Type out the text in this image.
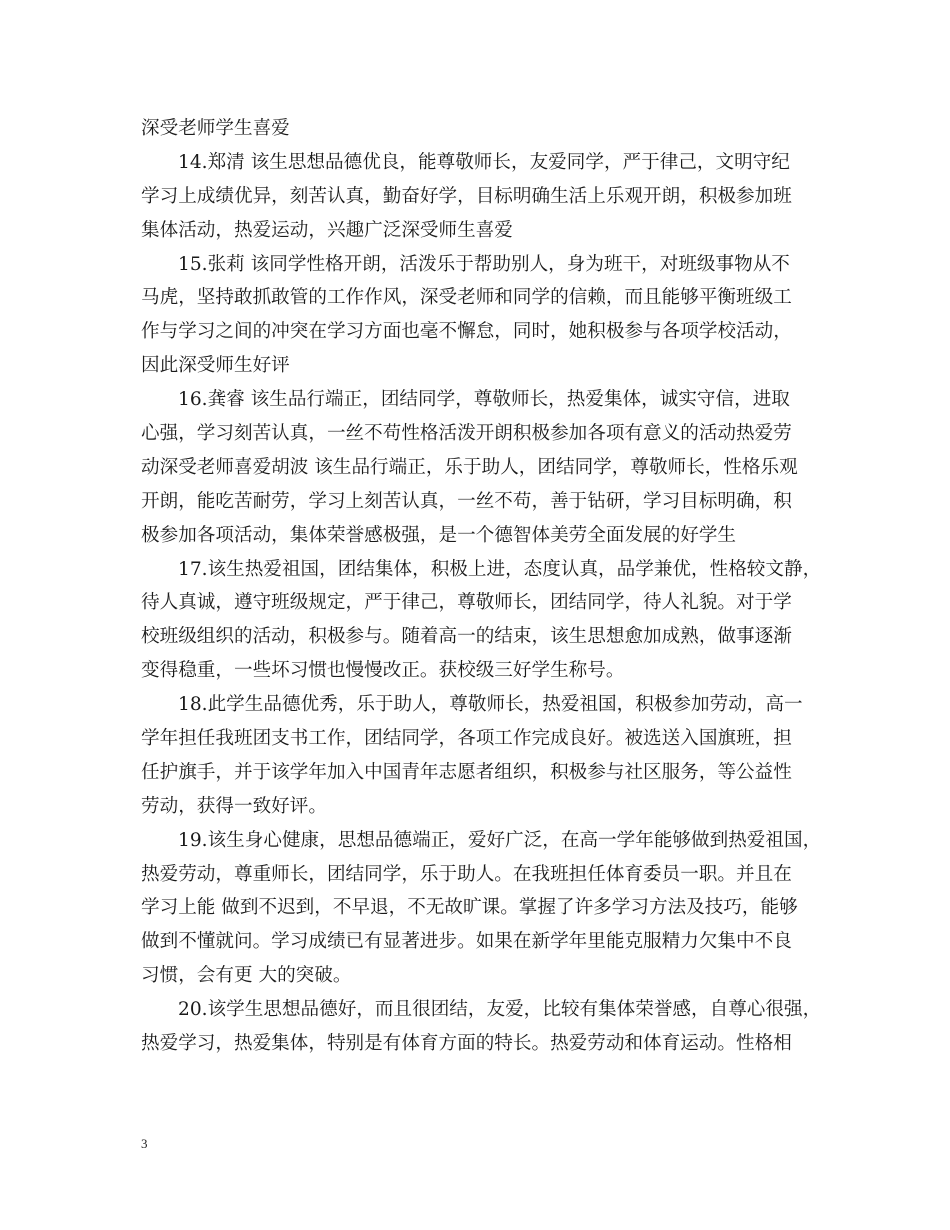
深受老师学生喜爱
14.郑清 该生思想品德优良，能尊敬师长，友爱同学，严于律己，文明守纪
学习上成绩优异，刻苦认真，勤奋好学，目标明确生活上乐观开朗，积极参加班
集体活动，热爱运动，兴趣广泛深受师生喜爱
15.张莉 该同学性格开朗，活泼乐于帮助别人，身为班干，对班级事物从不
马虎，坚持敢抓敢管的工作作风，深受老师和同学的信赖，而且能够平衡班级工
作与学习之间的冲突在学习方面也毫不懈怠，同时，她积极参与各项学校活动，
因此深受师生好评
16.龚睿 该生品行端正，团结同学，尊敬师长，热爱集体，诚实守信，进取
心强，学习刻苦认真，一丝不苟性格活泼开朗积极参加各项有意义的活动热爱劳
动深受老师喜爱胡波 该生品行端正，乐于助人，团结同学，尊敬师长，性格乐观
开朗，能吃苦耐劳，学习上刻苦认真，一丝不苟，善于钻研，学习目标明确，积
极参加各项活动，集体荣誉感极强，是一个德智体美劳全面发展的好学生
17.该生热爱祖国，团结集体，积极上进，态度认真，品学兼优，性格较文静，
待人真诚，遵守班级规定，严于律己，尊敬师长，团结同学，待人礼貌。对于学
校班级组织的活动，积极参与。随着高一的结束，该生思想愈加成熟，做事逐渐
变得稳重，一些坏习惯也慢慢改正。获校级三好学生称号。
18.此学生品德优秀，乐于助人，尊敬师长，热爱祖国，积极参加劳动，高一
学年担任我班团支书工作，团结同学，各项工作完成良好。被选送入国旗班，担
任护旗手，并于该学年加入中国青年志愿者组织，积极参与社区服务，等公益性
劳动，获得一致好评。
19.该生身心健康，思想品德端正，爱好广泛，在高一学年能够做到热爱祖国，
热爱劳动，尊重师长，团结同学，乐于助人。在我班担任体育委员一职。并且在
学习上能 做到不迟到，不早退，不无故旷课。掌握了许多学习方法及技巧，能够
做到不懂就问。学习成绩已有显著进步。如果在新学年里能克服精力欠集中不良
习惯，会有更 大的突破。
20.该学生思想品德好，而且很团结，友爱，比较有集体荣誉感，自尊心很强，
热爱学习，热爱集体，特别是有体育方面的特长。热爱劳动和体育运动。性格相
3
